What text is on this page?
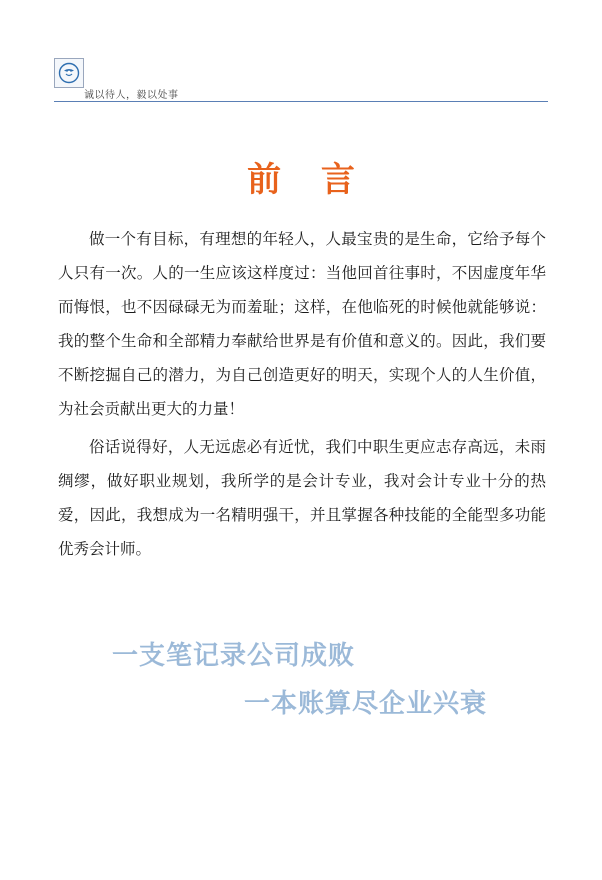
诚以待人，毅以处事
前 言

做一个有目标，有理想的年轻人，人最宝贵的是生命，它给予每个人只有一次。人的一生应该这样度过：当他回首往事时，不因虚度年华而悔恨，也不因碌碌无为而羞耻；这样，在他临死的时候他就能够说：我的整个生命和全部精力奉献给世界是有价值和意义的。因此，我们要不断挖掘自己的潜力，为自己创造更好的明天，实现个人的人生价值，为社会贡献出更大的力量！

俗话说得好，人无远虑必有近忧，我们中职生更应志存高远，未雨绸缪，做好职业规划，我所学的是会计专业，我对会计专业十分的热爱，因此，我想成为一名精明强干，并且掌握各种技能的全能型多功能优秀会计师。

一支笔记录公司成败
一本账算尽企业兴衰
